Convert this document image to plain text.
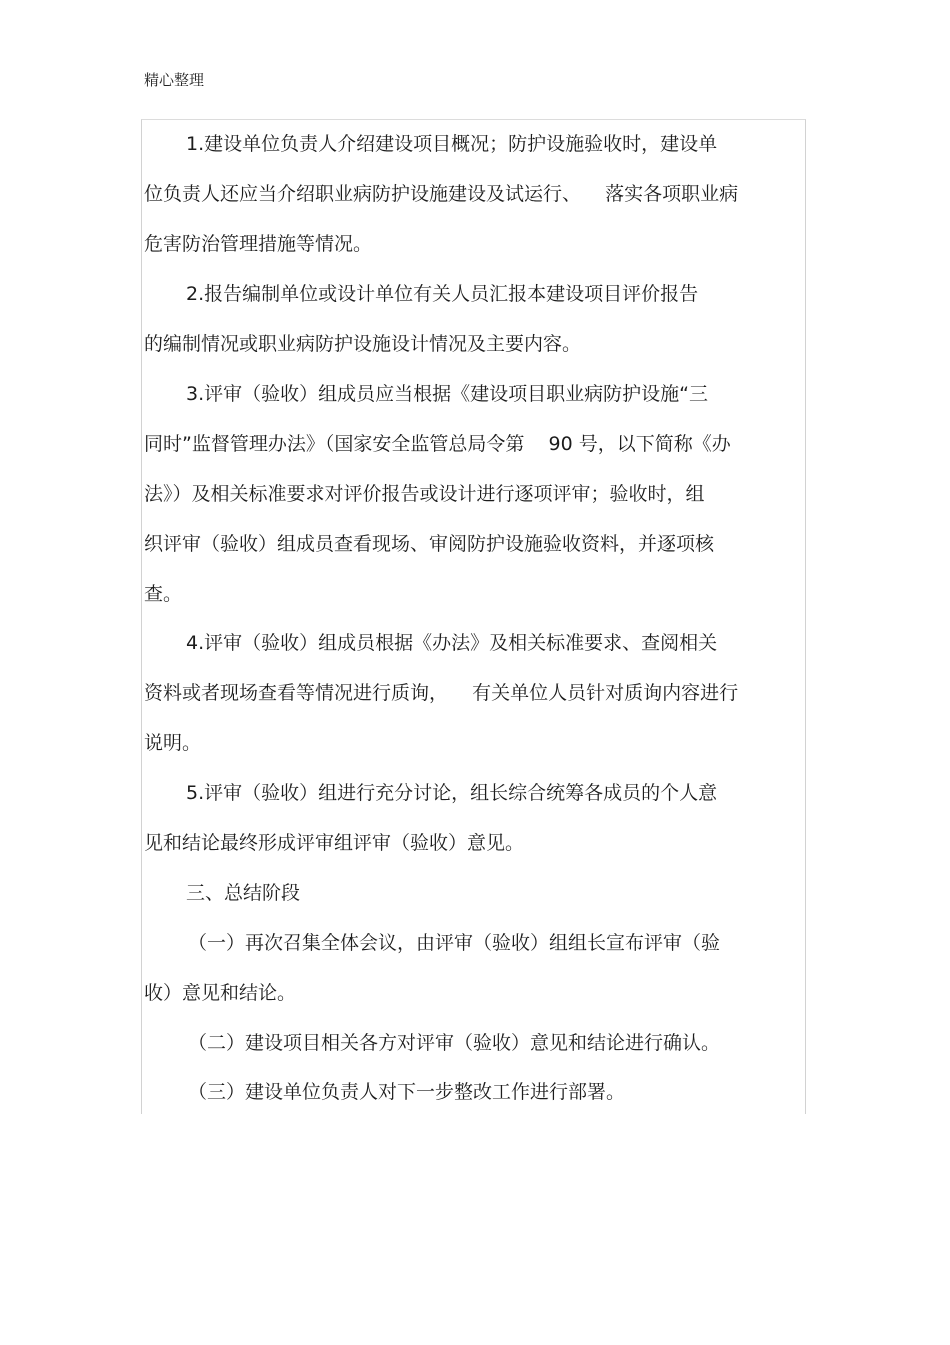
精心整理
1.建设单位负责人介绍建设项目概况；防护设施验收时，建设单
位负责人还应当介绍职业病防护设施建设及试运行、    落实各项职业病
危害防治管理措施等情况。
2.报告编制单位或设计单位有关人员汇报本建设项目评价报告
的编制情况或职业病防护设施设计情况及主要内容。
3.评审（验收）组成员应当根据《建设项目职业病防护设施“三
同时”监督管理办法》（国家安全监管总局令第    90 号，以下简称《办
法》）及相关标准要求对评价报告或设计进行逐项评审；验收时，组
织评审（验收）组成员查看现场、审阅防护设施验收资料，并逐项核
查。
4.评审（验收）组成员根据《办法》及相关标准要求、查阅相关
资料或者现场查看等情况进行质询，    有关单位人员针对质询内容进行
说明。
5.评审（验收）组进行充分讨论，组长综合统筹各成员的个人意
见和结论最终形成评审组评审（验收）意见。
三、总结阶段
（一）再次召集全体会议，由评审（验收）组组长宣布评审（验
收）意见和结论。
（二）建设项目相关各方对评审（验收）意见和结论进行确认。
（三）建设单位负责人对下一步整改工作进行部署。
